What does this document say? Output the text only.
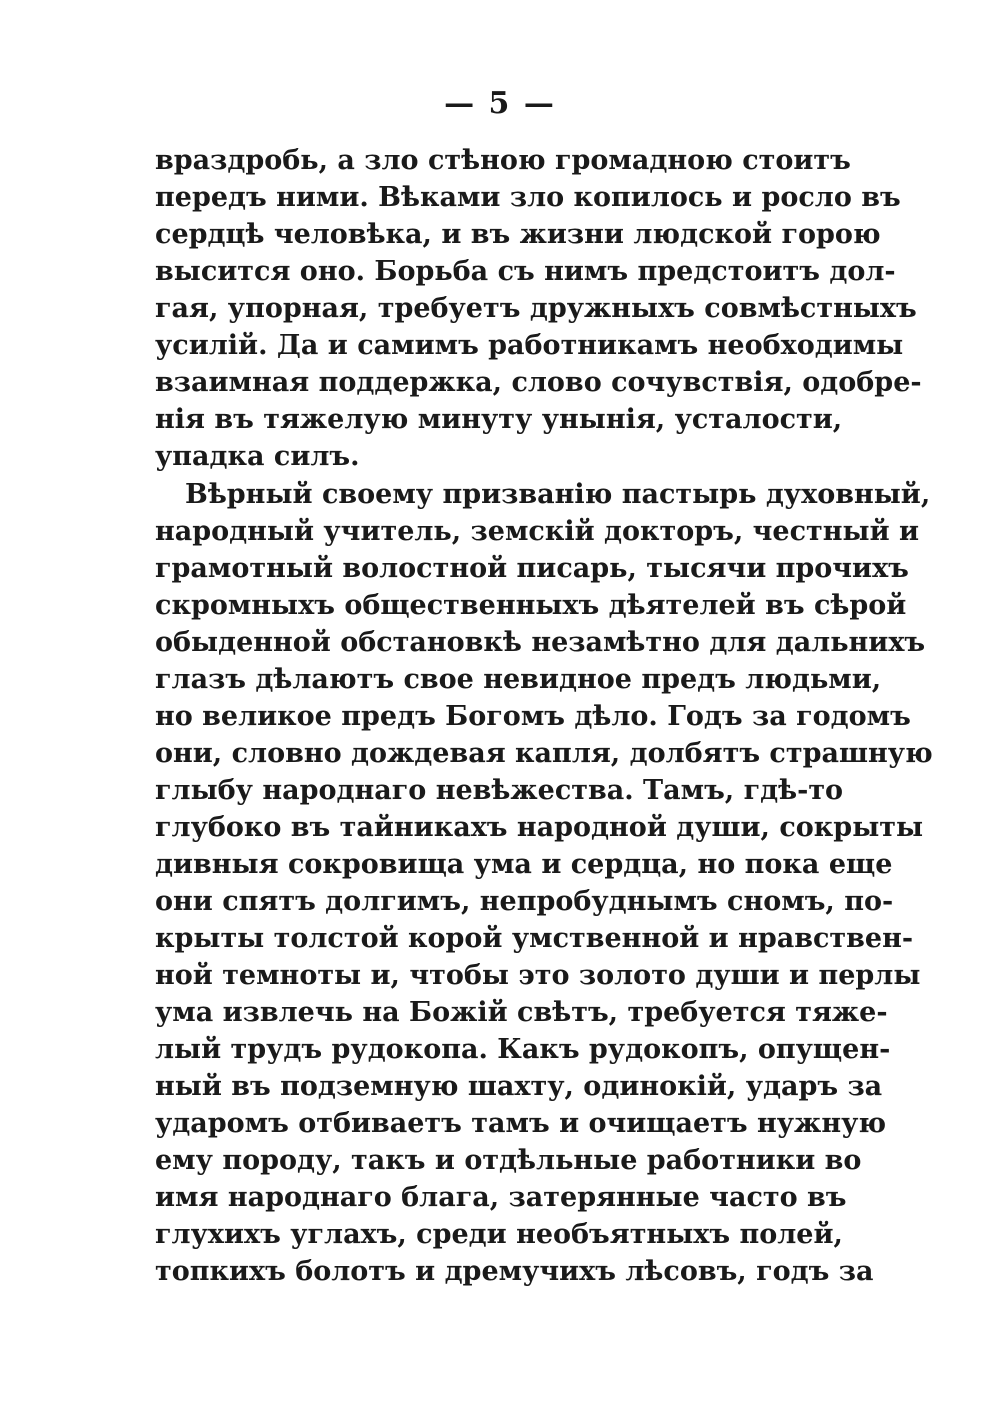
— 5 —
враздробь, а зло стѣною громадною стоитъ
передъ ними. Вѣками зло копилось и росло въ
сердцѣ человѣка, и въ жизни людской горою
высится оно. Борьба съ нимъ предстоитъ дол-
гая, упорная, требуетъ дружныхъ совмѣстныхъ
усилій. Да и самимъ работникамъ необходимы
взаимная поддержка, слово сочувствія, одобре-
нія въ тяжелую минуту унынія, усталости,
упадка силъ.
Вѣрный своему призванію пастырь духовный,
народный учитель, земскій докторъ, честный и
грамотный волостной писарь, тысячи прочихъ
скромныхъ общественныхъ дѣятелей въ сѣрой
обыденной обстановкѣ незамѣтно для дальнихъ
глазъ дѣлаютъ свое невидное предъ людьми,
но великое предъ Богомъ дѣло. Годъ за годомъ
они, словно дождевая капля, долбятъ страшную
глыбу народнаго невѣжества. Тамъ, гдѣ-то
глубоко въ тайникахъ народной души, сокрыты
дивныя сокровища ума и сердца, но пока еще
они спятъ долгимъ, непробуднымъ сномъ, по-
крыты толстой корой умственной и нравствен-
ной темноты и, чтобы это золото души и перлы
ума извлечь на Божій свѣтъ, требуется тяже-
лый трудъ рудокопа. Какъ рудокопъ, опущен-
ный въ подземную шахту, одинокій, ударъ за
ударомъ отбиваетъ тамъ и очищаетъ нужную
ему породу, такъ и отдѣльные работники во
имя народнаго блага, затерянные часто въ
глухихъ углахъ, среди необъятныхъ полей,
топкихъ болотъ и дремучихъ лѣсовъ, годъ за
